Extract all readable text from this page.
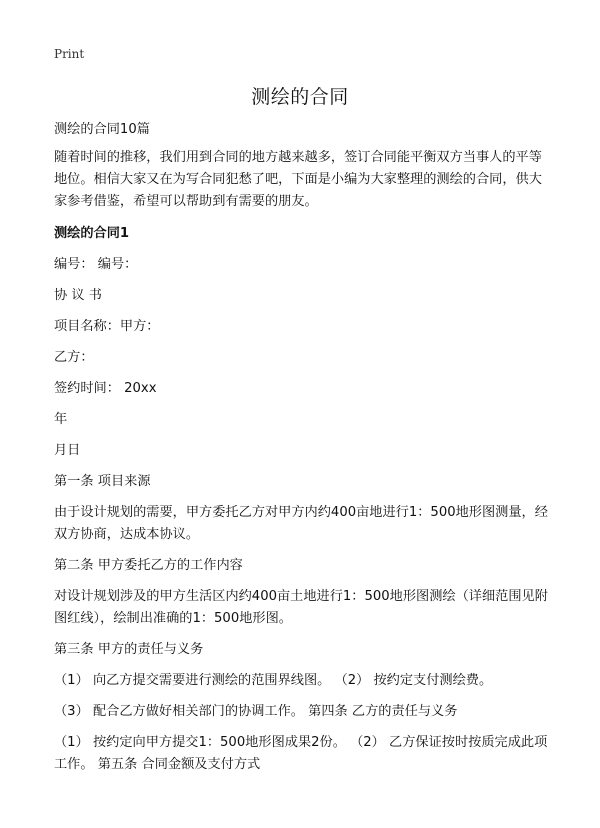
Print
测绘的合同

测绘的合同10篇

随着时间的推移，我们用到合同的地方越来越多，签订合同能平衡双方当事人的平等地位。相信大家又在为写合同犯愁了吧，下面是小编为大家整理的测绘的合同，供大家参考借鉴，希望可以帮助到有需要的朋友。

测绘的合同1

编号： 编号：

协 议 书

项目名称：甲方：

乙方：

签约时间： 20xx

年

月日

第一条 项目来源

由于设计规划的需要，甲方委托乙方对甲方内约400亩地进行1：500地形图测量，经双方协商，达成本协议。

第二条 甲方委托乙方的工作内容

对设计规划涉及的甲方生活区内约400亩土地进行1：500地形图测绘（详细范围见附图红线），绘制出准确的1：500地形图。

第三条 甲方的责任与义务

（1） 向乙方提交需要进行测绘的范围界线图。 （2） 按约定支付测绘费。

（3） 配合乙方做好相关部门的协调工作。 第四条 乙方的责任与义务

（1） 按约定向甲方提交1：500地形图成果2份。 （2） 乙方保证按时按质完成此项工作。 第五条 合同金额及支付方式
